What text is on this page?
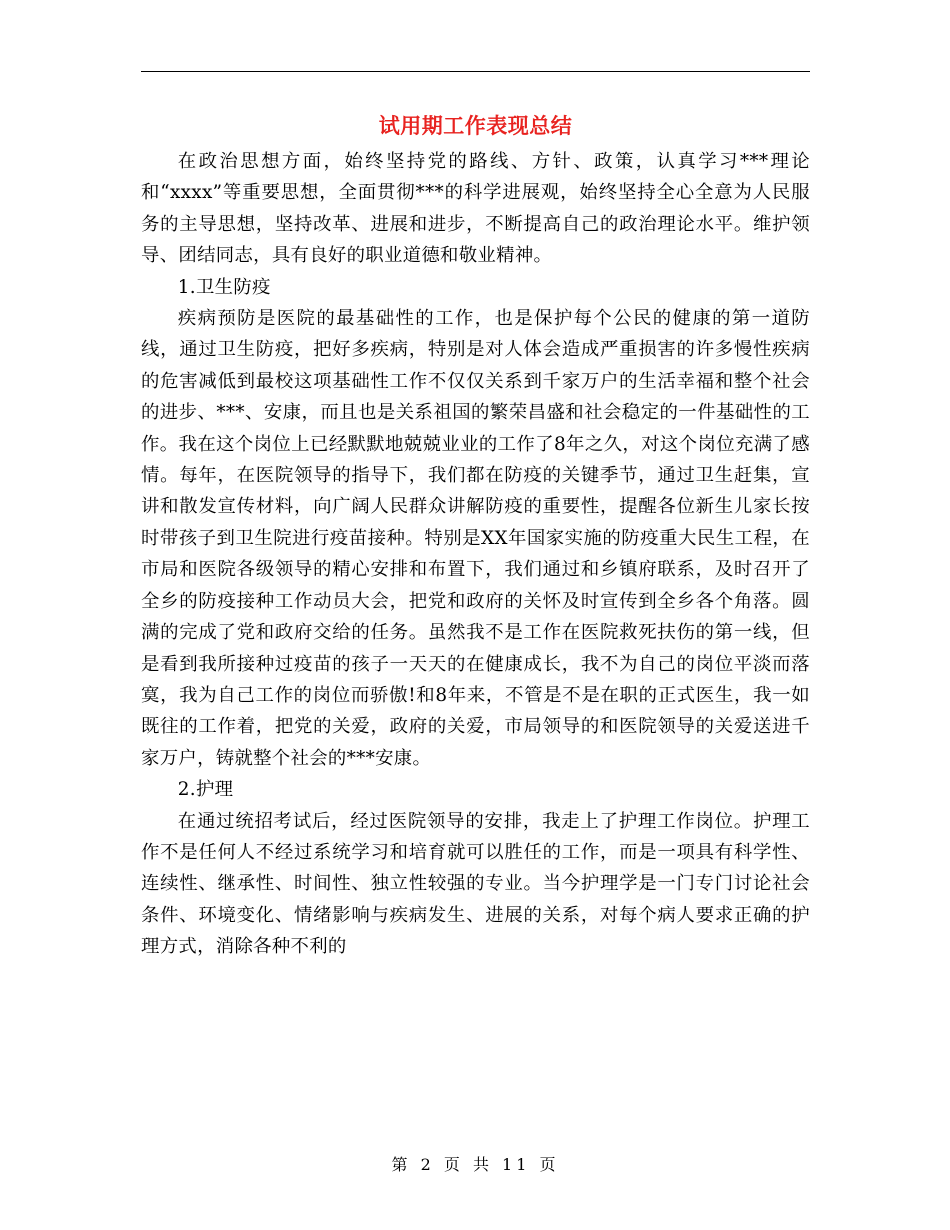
试用期工作表现总结

在政治思想方面，始终坚持党的路线、方针、政策，认真学习***理论和“xxxx”等重要思想，全面贯彻***的科学进展观，始终坚持全心全意为人民服务的主导思想，坚持改革、进展和进步，不断提高自己的政治理论水平。维护领导、团结同志，具有良好的职业道德和敬业精神。

1.卫生防疫

疾病预防是医院的最基础性的工作，也是保护每个公民的健康的第一道防线，通过卫生防疫，把好多疾病，特别是对人体会造成严重损害的许多慢性疾病的危害减低到最校这项基础性工作不仅仅关系到千家万户的生活幸福和整个社会的进步、***、安康，而且也是关系祖国的繁荣昌盛和社会稳定的一件基础性的工作。我在这个岗位上已经默默地兢兢业业的工作了8年之久，对这个岗位充满了感情。每年，在医院领导的指导下，我们都在防疫的关键季节，通过卫生赶集，宣讲和散发宣传材料，向广阔人民群众讲解防疫的重要性，提醒各位新生儿家长按时带孩子到卫生院进行疫苗接种。特别是XX年国家实施的防疫重大民生工程，在市局和医院各级领导的精心安排和布置下，我们通过和乡镇府联系，及时召开了全乡的防疫接种工作动员大会，把党和政府的关怀及时宣传到全乡各个角落。圆满的完成了党和政府交给的任务。虽然我不是工作在医院救死扶伤的第一线，但是看到我所接种过疫苗的孩子一天天的在健康成长，我不为自己的岗位平淡而落寞，我为自己工作的岗位而骄傲!和8年来，不管是不是在职的正式医生，我一如既往的工作着，把党的关爱，政府的关爱，市局领导的和医院领导的关爱送进千家万户，铸就整个社会的***安康。

2.护理

在通过统招考试后，经过医院领导的安排，我走上了护理工作岗位。护理工作不是任何人不经过系统学习和培育就可以胜任的工作，而是一项具有科学性、连续性、继承性、时间性、独立性较强的专业。当今护理学是一门专门讨论社会条件、环境变化、情绪影响与疾病发生、进展的关系，对每个病人要求正确的护理方式，消除各种不利的

第 2 页 共 11 页
